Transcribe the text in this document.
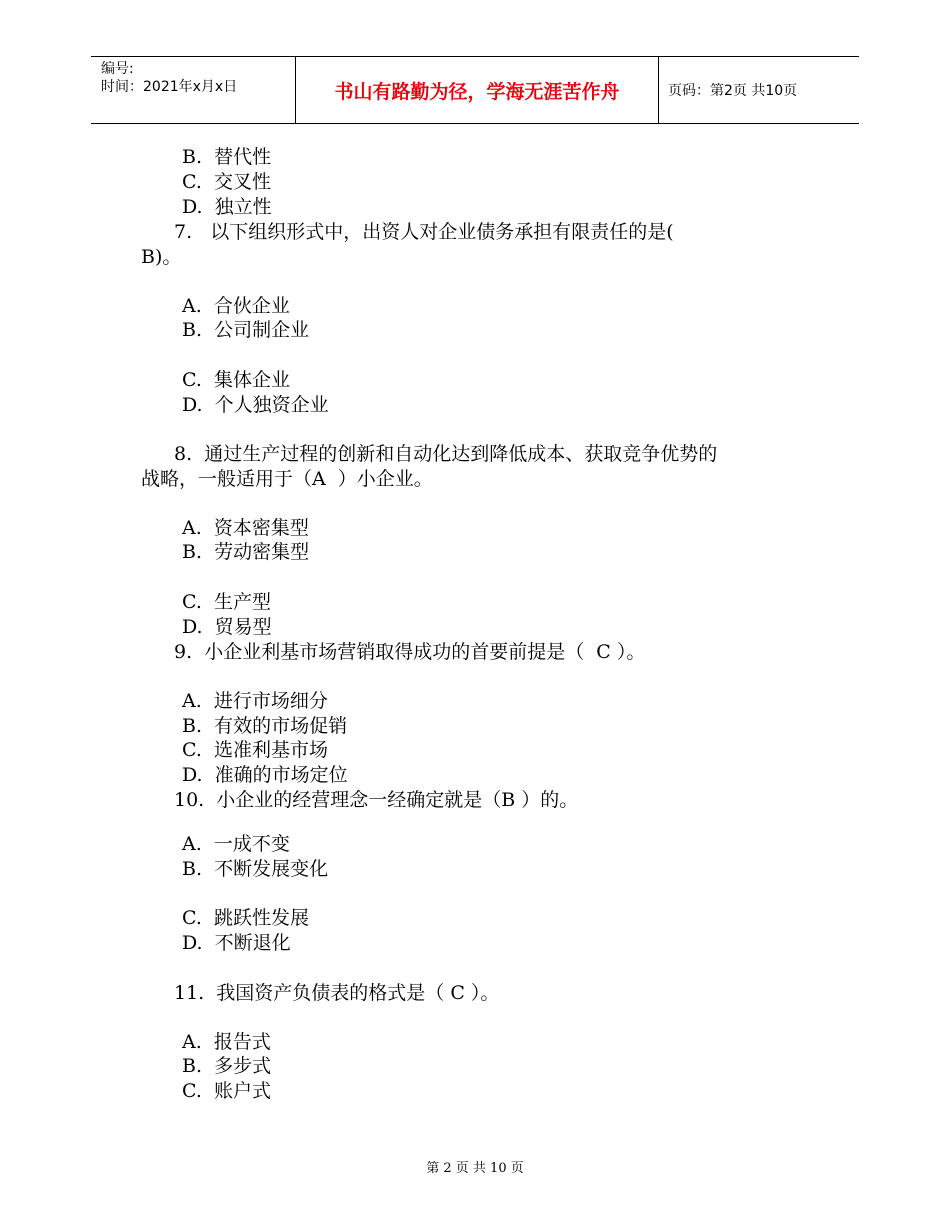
编号:
时间：2021年x月x日	书山有路勤为径，学海无涯苦作舟	页码：第2页 共10页
B.  替代性
C.  交叉性
D.  独立性
7.   以下组织形式中，出资人对企业债务承担有限责任的是(
B)。
A.  合伙企业
B.  公司制企业
C.  集体企业
D.  个人独资企业
8.  通过生产过程的创新和自动化达到降低成本、获取竞争优势的
战略，一般适用于（A  ）小企业。
A.  资本密集型
B.  劳动密集型
C.  生产型
D.  贸易型
9.  小企业利基市场营销取得成功的首要前提是（  C ）。
A.  进行市场细分
B.  有效的市场促销
C.  选准利基市场
D.  准确的市场定位
10.  小企业的经营理念一经确定就是（B ）的。
A.  一成不变
B.  不断发展变化
C.  跳跃性发展
D.  不断退化
11.  我国资产负债表的格式是（ C ）。
A.  报告式
B.  多步式
C.  账户式
第 2 页 共 10 页
